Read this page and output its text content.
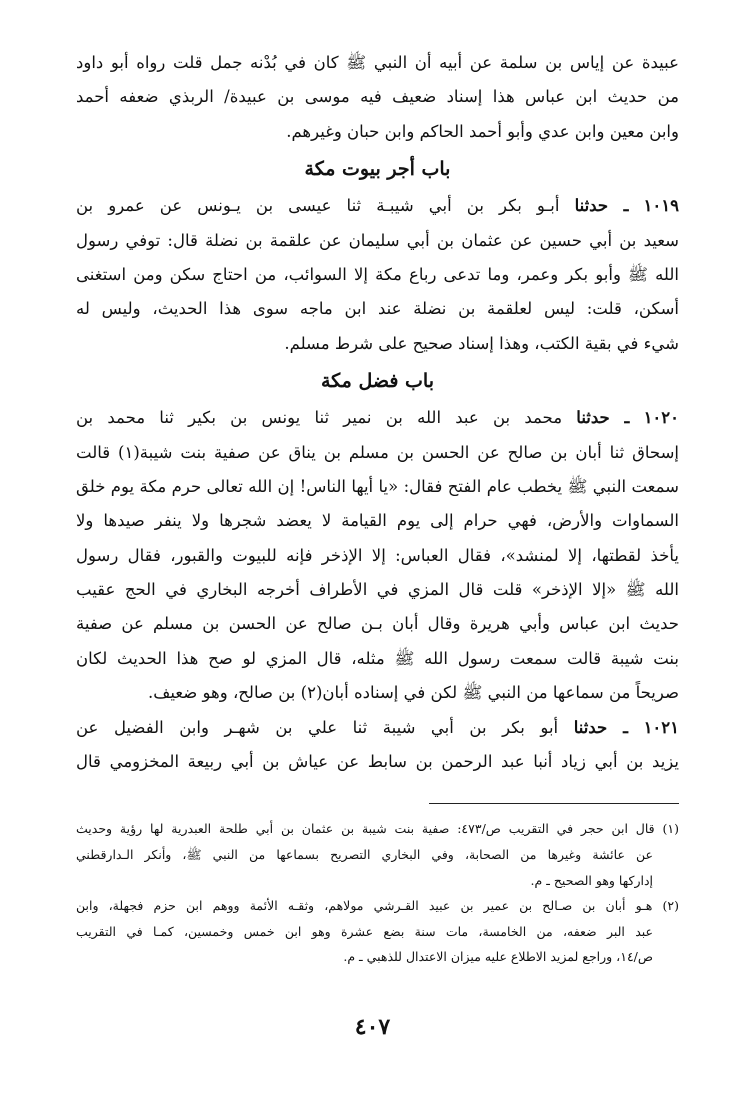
عبيدة عن إياس بن سلمة عن أبيه أن النبي ﷺ كان في بُدْنه جمل قلت رواه أبو داود
من حديث ابن عباس هذا إسناد ضعيف فيه موسى بن عبيدة/ الربذي ضعفه أحمد
وابن معين وابن عدي وأبو أحمد الحاكم وابن حبان وغيرهم.
باب أجر بيوت مكة
١٠١٩ ـ حدثنا أبـو بكر بن أبي شيبـة ثنا عيسى بن يـونس عن عمرو بن
سعيد بن أبي حسين عن عثمان بن أبي سليمان عن علقمة بن نضلة قال: توفي رسول
الله ﷺ وأبو بكر وعمر، وما تدعى رباع مكة إلا السوائب، من احتاج سكن ومن استغنى
أسكن، قلت: ليس لعلقمة بن نضلة عند ابن ماجه سوى هذا الحديث، وليس له
شيء في بقية الكتب، وهذا إسناد صحيح على شرط مسلم.
باب فضل مكة
١٠٢٠ ـ حدثنا محمد بن عبد الله بن نمير ثنا يونس بن بكير ثنا محمد بن
إسحاق ثنا أبان بن صالح عن الحسن بن مسلم بن يناق عن صفية بنت شيبة(١) قالت
سمعت النبي ﷺ يخطب عام الفتح فقال: «يا أيها الناس! إن الله تعالى حرم مكة يوم خلق
السماوات والأرض، فهي حرام إلى يوم القيامة لا يعضد شجرها ولا ينفر صيدها ولا
يأخذ لقطتها، إلا لمنشد»، فقال العباس: إلا الإذخر فإنه للبيوت والقبور، فقال رسول
الله ﷺ «إلا الإذخر» قلت قال المزي في الأطراف أخرجه البخاري في الحج عقيب
حديث ابن عباس وأبي هريرة وقال أبان بـن صالح عن الحسن بن مسلم عن صفية
بنت شيبة قالت سمعت رسول الله ﷺ مثله، قال المزي لو صح هذا الحديث لكان
صريحاً من سماعها من النبي ﷺ لكن في إسناده أبان(٢) بن صالح، وهو ضعيف.
١٠٢١ ـ حدثنا أبو بكر بن أبي شيبة ثنا علي بن شهـر وابن الفضيل عن
يزيد بن أبي زياد أنبا عبد الرحمن بن سابط عن عياش بن أبي ربيعة المخزومي قال
(١) قال ابن حجر في التقريب ص/٤٧٣: صفية بنت شيبة بن عثمان بن أبي طلحة العبدرية لها رؤية وحديث
عن عائشة وغيرها من الصحابة، وفي البخاري التصريح بسماعها من النبي ﷺ، وأنكر الـدارقطني
إدارکها وهو الصحيح ـ م.
(٢) هـو أبان بن صـالح بن عمير بن عبيد القـرشي مولاهم، وثقـه الأئمة ووهم ابن حزم فجهلة، وابن
عبد البر ضعفه، من الخامسة، مات سنة بضع عشرة وهو ابن خمس وخمسين، كمـا في التقريب
ص/١٤، وراجع لمزيد الاطلاع عليه ميزان الاعتدال للذهبي ـ م.
٤٠٧
